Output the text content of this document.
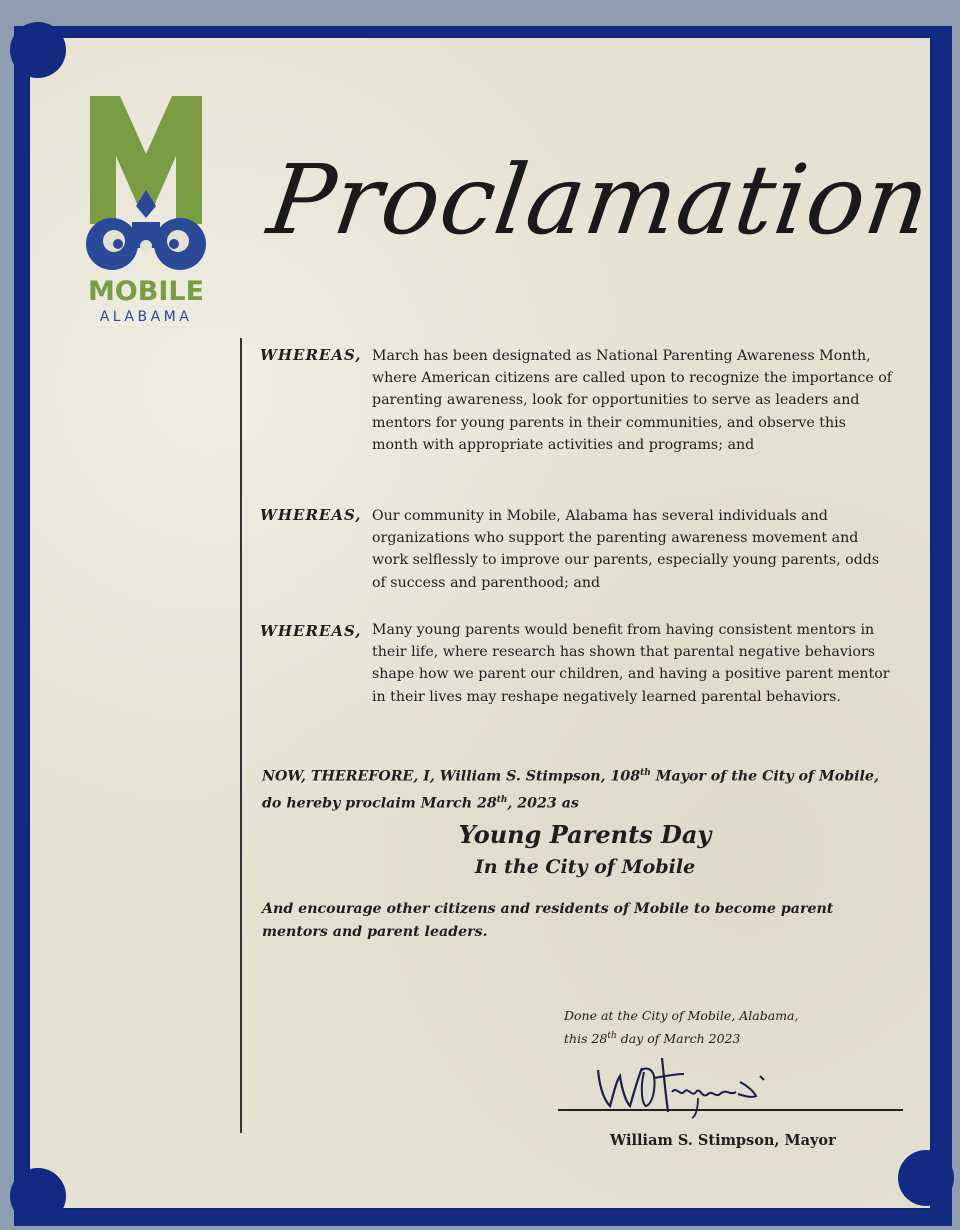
MOBILE
ALABAMA
Proclamation
WHEREAS, March has been designated as National Parenting Awareness Month, where American citizens are called upon to recognize the importance of parenting awareness, look for opportunities to serve as leaders and mentors for young parents in their communities, and observe this month with appropriate activities and programs; and
WHEREAS, Our community in Mobile, Alabama has several individuals and organizations who support the parenting awareness movement and work selflessly to improve our parents, especially young parents, odds of success and parenthood; and
WHEREAS, Many young parents would benefit from having consistent mentors in their life, where research has shown that parental negative behaviors shape how we parent our children, and having a positive parent mentor in their lives may reshape negatively learned parental behaviors.
NOW, THEREFORE, I, William S. Stimpson, 108th Mayor of the City of Mobile, do hereby proclaim March 28th, 2023 as
Young Parents Day
In the City of Mobile
And encourage other citizens and residents of Mobile to become parent mentors and parent leaders.
Done at the City of Mobile, Alabama,
this 28th day of March 2023
William S. Stimpson, Mayor
